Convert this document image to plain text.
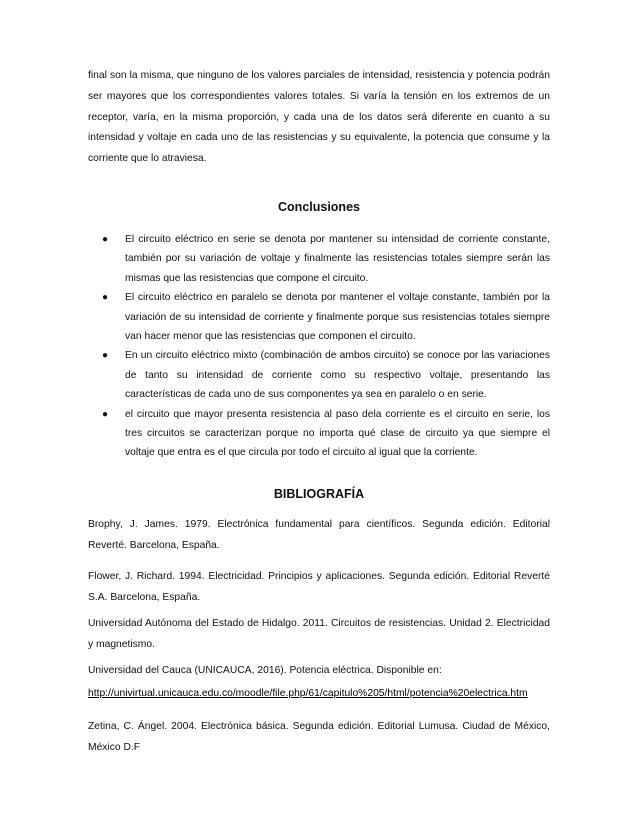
final son la misma, que ninguno de los valores parciales de intensidad, resistencia y potencia podrán ser mayores que los correspondientes valores totales. Si varía la tensión en los extremos de un receptor, varía, en la misma proporción, y cada una de los datos será diferente en cuanto a su intensidad y voltaje en cada uno de las resistencias y su equivalente, la potencia que consume y la corriente que lo atraviesa.

Conclusiones
● El circuito eléctrico en serie se denota por mantener su intensidad de corriente constante, también por su variación de voltaje y finalmente las resistencias totales siempre serán las mismas que las resistencias que compone el circuito.
● El circuito eléctrico en paralelo se denota por mantener el voltaje constante, también por la variación de su intensidad de corriente y finalmente porque sus resistencias totales siempre van hacer menor que las resistencias que componen el circuito.
● En un circuito eléctrico mixto (combinación de ambos circuito) se conoce por las variaciones de tanto su intensidad de corriente como su respectivo voltaje, presentando las características de cada uno de sus componentes ya sea en paralelo o en serie.
● el circuito que mayor presenta resistencia al paso dela corriente es el circuito en serie, los tres circuitos se caracterizan porque no importa qué clase de circuito ya que siempre el voltaje que entra es el que circula por todo el circuito al igual que la corriente.
BIBLIOGRAFÍA

Brophy, J. James. 1979. Electrónica fundamental para científicos. Segunda edición. Editorial Reverté. Barcelona, España.

Flower, J. Richard. 1994. Electricidad. Principios y aplicaciones. Segunda edición. Editorial Reverté S.A. Barcelona, España.

Universidad Autónoma del Estado de Hidalgo. 2011. Circuitos de resistencias. Unidad 2. Electricidad y magnetismo.

Universidad del Cauca (UNICAUCA, 2016). Potencia eléctrica. Disponible en:

http://univirtual.unicauca.edu.co/moodle/file.php/61/capitulo%205/html/potencia%20electrica.htm

Zetina, C. Ángel. 2004. Electrónica básica. Segunda edición. Editorial Lumusa. Ciudad de México, México D.F
